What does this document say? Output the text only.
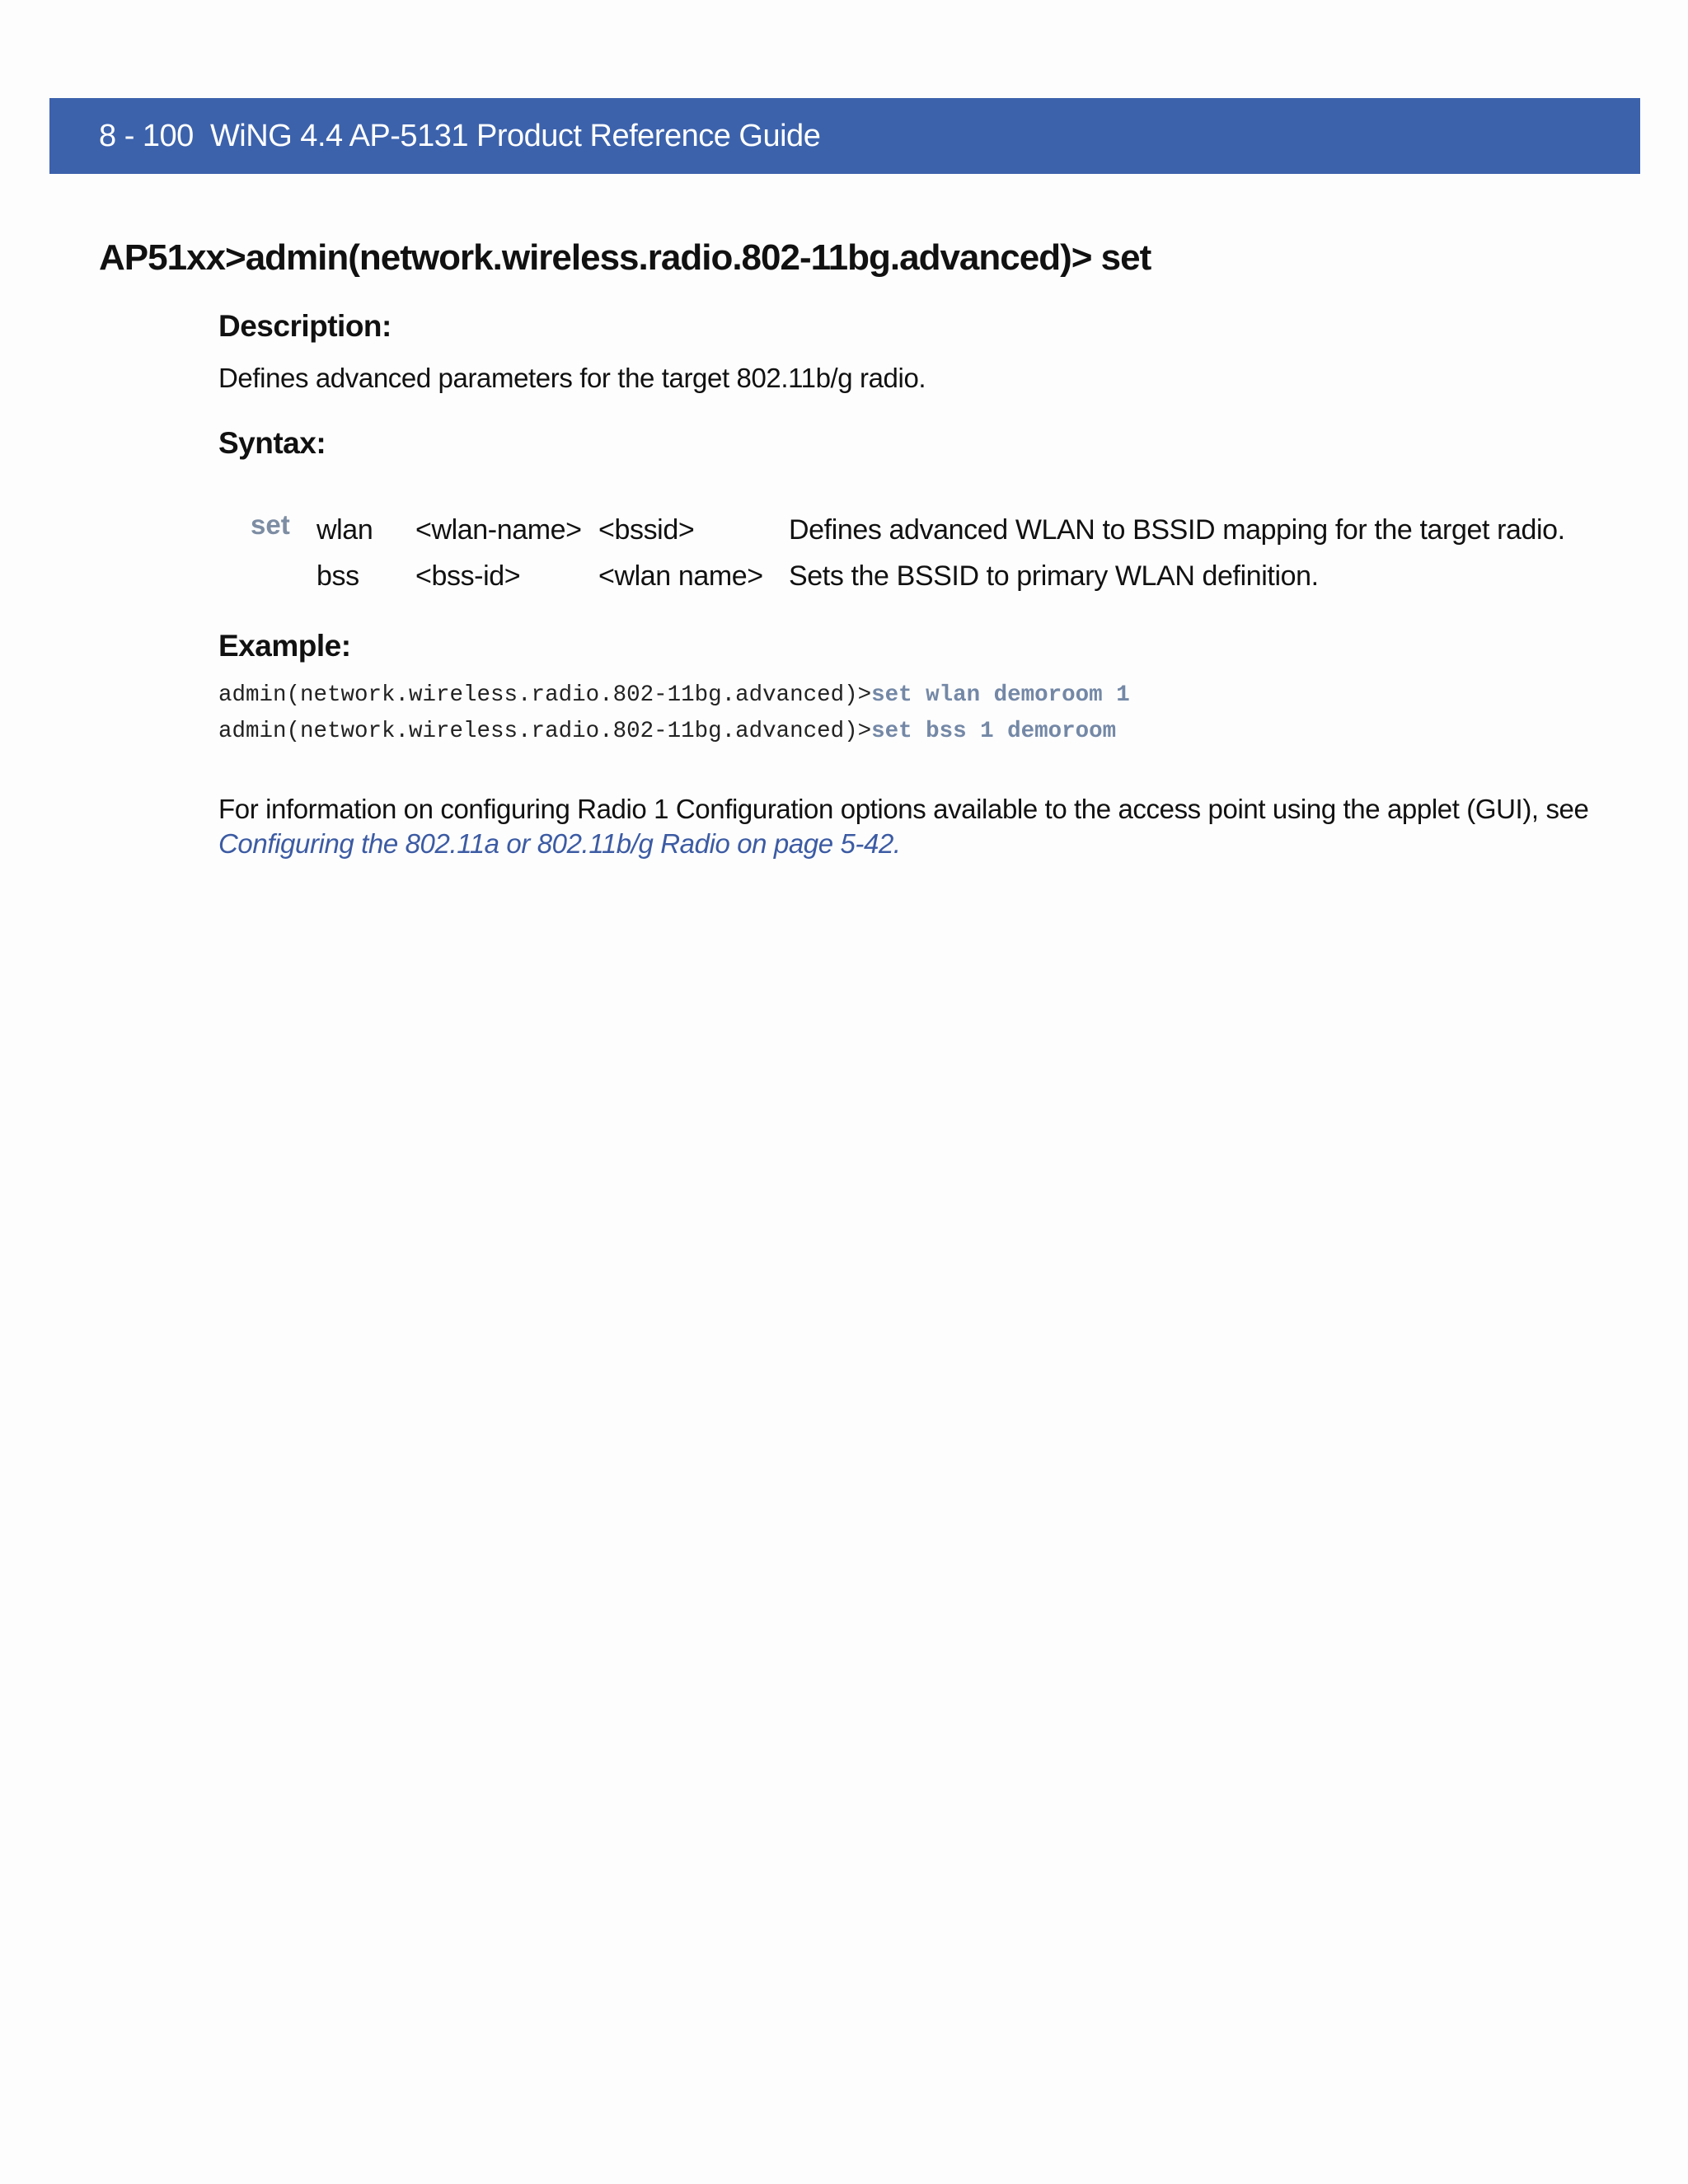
8 - 100 WiNG 4.4 AP-5131 Product Reference Guide
AP51xx>admin(network.wireless.radio.802-11bg.advanced)> set
Description:
Defines advanced parameters for the target 802.11b/g radio.
Syntax:
set wlan <wlan-name> <bssid>	Defines advanced WLAN to BSSID mapping for the target radio.
bss <bss-id>	<wlan name> Sets the BSSID to primary WLAN definition.
Example:
admin(network.wireless.radio.802-11bg.advanced)>set wlan demoroom 1
admin(network.wireless.radio.802-11bg.advanced)>set bss 1 demoroom
For information on configuring Radio 1 Configuration options available to the access point using the applet (GUI), see
Configuring the 802.11a or 802.11b/g Radio on page 5-42.
